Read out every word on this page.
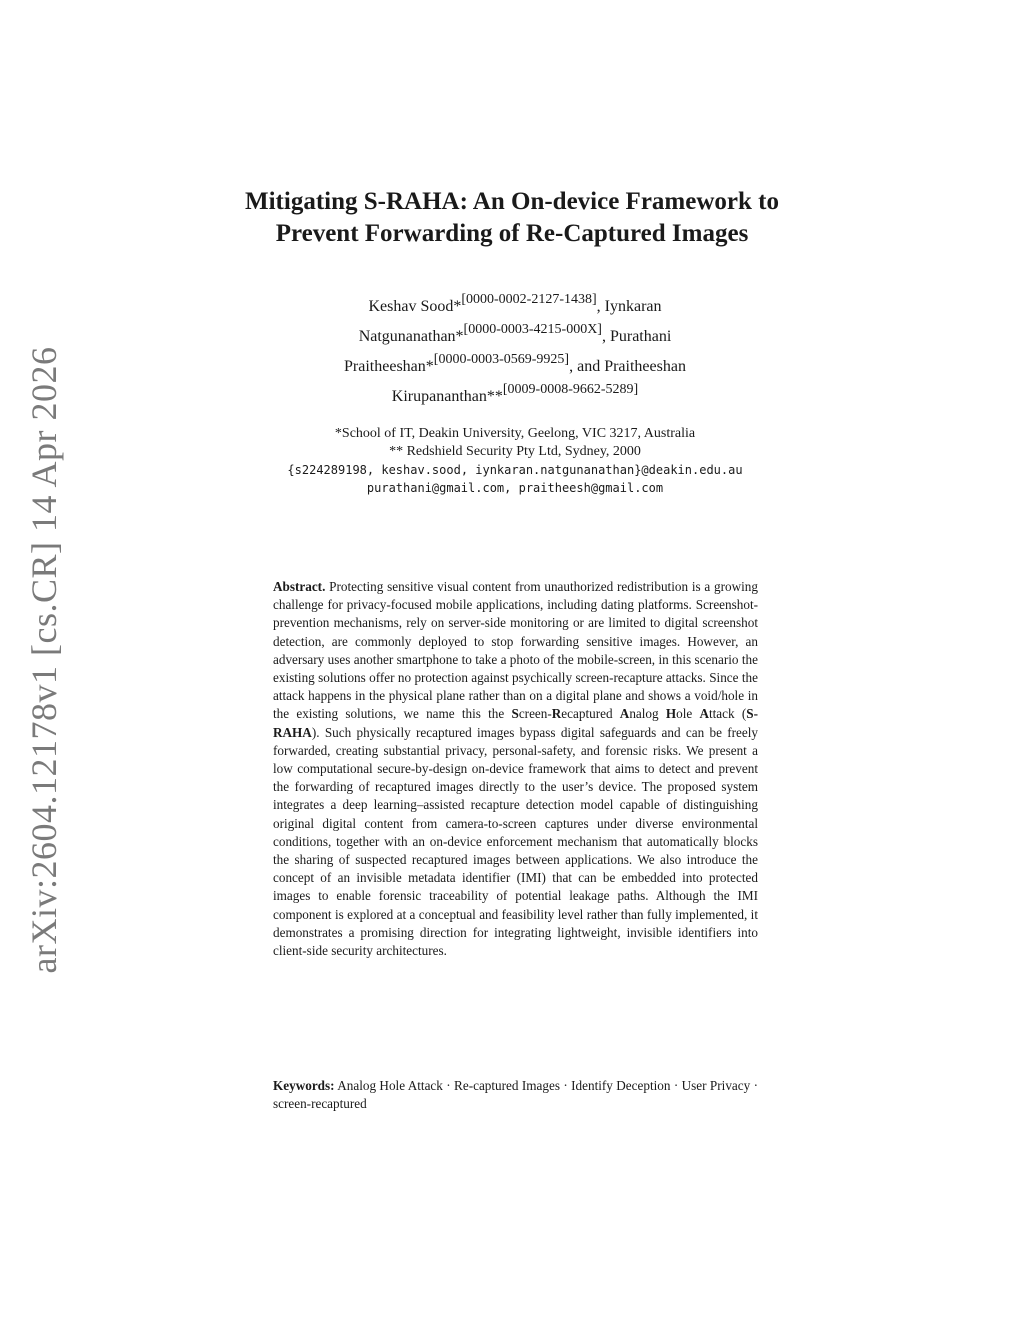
arXiv:2604.12178v1 [cs.CR] 14 Apr 2026
Mitigating S-RAHA: An On-device Framework to
Prevent Forwarding of Re-Captured Images
Keshav Sood*[0000-0002-2127-1438], Iynkaran
Natgunanathan*[0000-0003-4215-000X], Purathani
Praitheeshan*[0000-0003-0569-9925], and Praitheeshan
Kirupananthan**[0009-0008-9662-5289]
*School of IT, Deakin University, Geelong, VIC 3217, Australia
** Redshield Security Pty Ltd, Sydney, 2000
{s224289198, keshav.sood, iynkaran.natgunanathan}@deakin.edu.au
purathani@gmail.com, praitheesh@gmail.com

Abstract. Protecting sensitive visual content from unauthorized redistribution is a growing challenge for privacy-focused mobile applications, including dating platforms. Screenshot-prevention mechanisms, rely on server-side monitoring or are limited to digital screenshot detection, are commonly deployed to stop forwarding sensitive images. However, an adversary uses another smartphone to take a photo of the mobile-screen, in this scenario the existing solutions offer no protection against psychically screen-recapture attacks. Since the attack happens in the physical plane rather than on a digital plane and shows a void/hole in the existing solutions, we name this the Screen-Recaptured Analog Hole Attack (S-RAHA). Such physically recaptured images bypass digital safeguards and can be freely forwarded, creating substantial privacy, personal-safety, and forensic risks. We present a low computational secure-by-design on-device framework that aims to detect and prevent the forwarding of recaptured images directly to the user’s device. The proposed system integrates a deep learning–assisted recapture detection model capable of distinguishing original digital content from camera-to-screen captures under diverse environmental conditions, together with an on-device enforcement mechanism that automatically blocks the sharing of suspected recaptured images between applications. We also introduce the concept of an invisible metadata identifier (IMI) that can be embedded into protected images to enable forensic traceability of potential leakage paths. Although the IMI component is explored at a conceptual and feasibility level rather than fully implemented, it demonstrates a promising direction for integrating lightweight, invisible identifiers into client-side security architectures.

Keywords: Analog Hole Attack · Re-captured Images · Identify Deception · User Privacy · screen-recaptured
